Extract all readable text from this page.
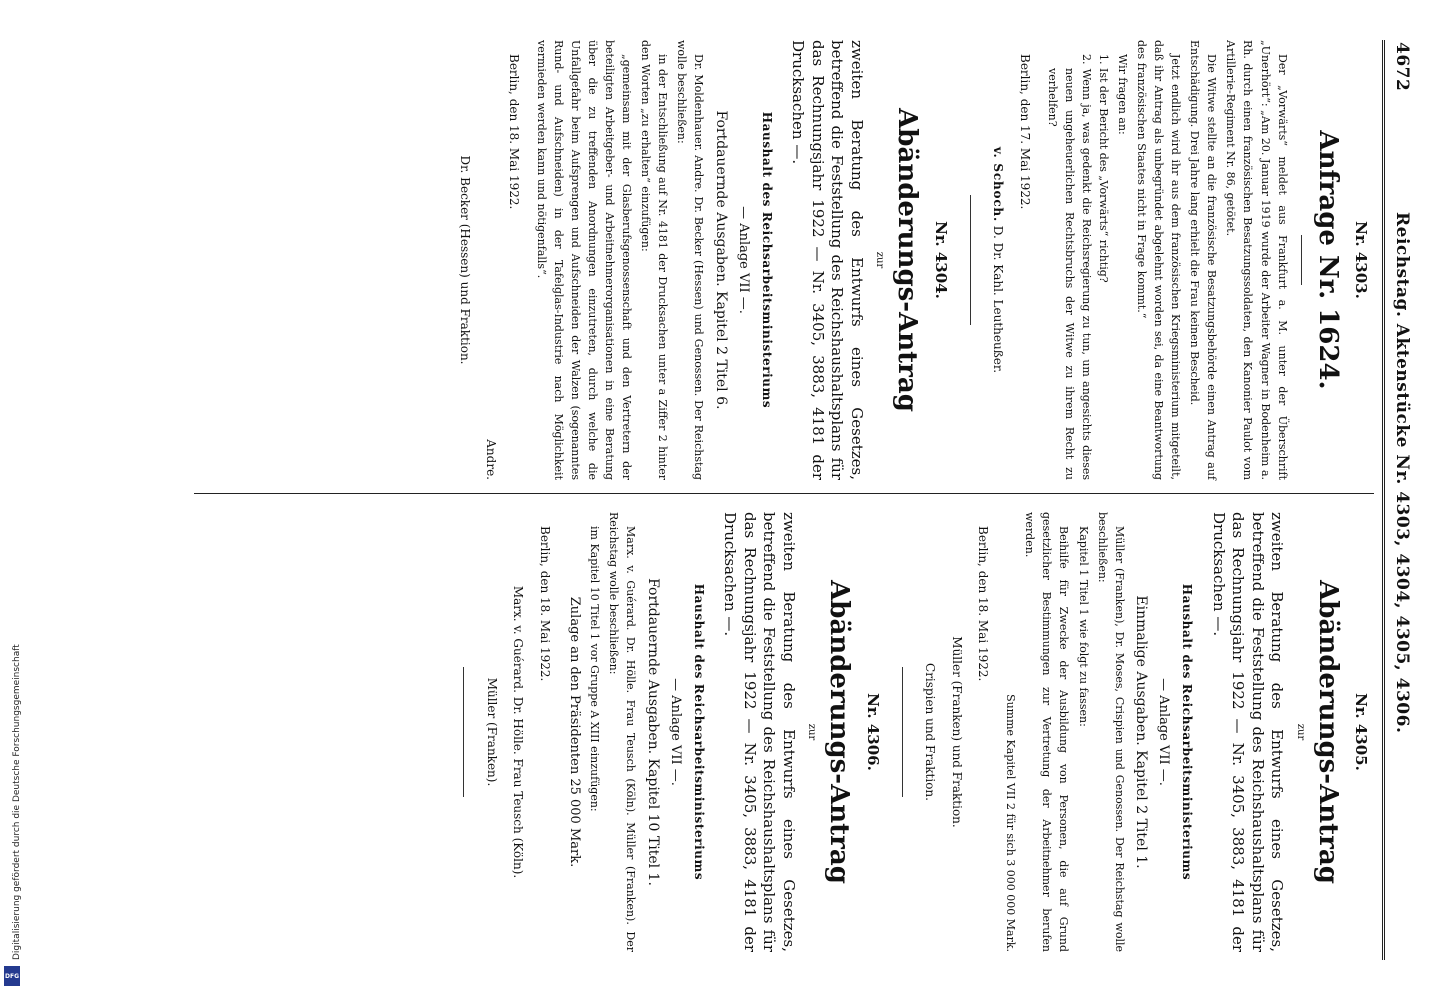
4672
Reichstag. Aktenstücke Nr. 4303, 4304, 4305, 4306.
Nr. 4303.
Anfrage Nr. 1624.

Der „Vorwärts“ meldet aus Frankfurt a. M. unter der Überschrift „Unerhört“: „Am 20. Januar 1919 wurde der Arbeiter Wagner in Bodenheim a. Rh. durch einen französischen Besatzungssoldaten, den Kanonier Paulot vom Artillerie-Regiment Nr. 86, getötet.

Die Witwe stellte an die französische Besatzungsbehörde einen Antrag auf Entschädigung. Drei Jahre lang erhielt die Frau keinen Bescheid.

Jetzt endlich wird ihr aus dem französischen Kriegsministerium mitgeteilt, daß ihr Antrag als unbegründet abgelehnt worden sei, da eine Beantwortung des französischen Staates nicht in Frage kommt.“

Wir fragen an:

1. Ist der Bericht des „Vorwärts“ richtig?

2. Wenn ja, was gedenkt die Reichsregierung zu tun, um angesichts dieses neuen ungeheuerlichen Rechtsbruchs der Witwe zu ihrem Recht zu verhelfen?

Berlin, den 17. Mai 1922.

v. Schoch. D. Dr. Kahl. Leutheußer.

Nr. 4304.
Abänderungs-Antrag
zur

zweiten Beratung des Entwurfs eines Gesetzes, betreffend die Feststellung des Reichshaushaltsplans für das Rechnungsjahr 1922 — Nr. 3405, 3883, 4181 der Drucksachen —.

Haushalt des Reichsarbeitsministeriums
— Anlage VII —.
Fortdauernde Ausgaben. Kapitel 2 Titel 6.

Dr. Moldenhauer. Andre. Dr. Becker (Hessen) und Genossen. Der Reichstag wolle beschließen:

in der Entschließung auf Nr. 4181 der Drucksachen unter a Ziffer 2 hinter den Worten „zu erhalten“ einzufügen:

„gemeinsam mit der Glasberufsgenossenschaft und den Vertretern der beteiligten Arbeitgeber- und Arbeitnehmerorganisationen in eine Beratung über die zu treffenden Anordnungen einzutreten, durch welche die Unfallgefahr beim Aufsprengen und Aufschneiden der Walzen (sogenanntes Rund- und Aufschneiden) in der Tafelglas-Industrie nach Möglichkeit vermieden werden kann und nötigenfalls“.

Berlin, den 18. Mai 1922.

Andre.

Dr. Becker (Hessen) und Fraktion.

Nr. 4305.
Abänderungs-Antrag
zur

zweiten Beratung des Entwurfs eines Gesetzes, betreffend die Feststellung des Reichshaushaltsplans für das Rechnungsjahr 1922 — Nr. 3405, 3883, 4181 der Drucksachen —.

Haushalt des Reichsarbeitsministeriums
— Anlage VII —.
Einmalige Ausgaben. Kapitel 2 Titel 1.

Müller (Franken), Dr. Moses, Crispien und Genossen. Der Reichstag wolle beschließen:

Kapitel 1 Titel 1 wie folgt zu fassen:

Beihilfe für Zwecke der Ausbildung von Personen, die auf Grund gesetzlicher Bestimmungen zur Vertretung der Arbeitnehmer berufen werden.

Summe Kapitel VII 2 für sich 3 000 000 Mark.

Berlin, den 18. Mai 1922.

Müller (Franken) und Fraktion.

Crispien und Fraktion.

Nr. 4306.
Abänderungs-Antrag
zur

zweiten Beratung des Entwurfs eines Gesetzes, betreffend die Feststellung des Reichshaushaltsplans für das Rechnungsjahr 1922 — Nr. 3405, 3883, 4181 der Drucksachen —.

Haushalt des Reichsarbeitsministeriums
— Anlage VII —.
Fortdauernde Ausgaben. Kapitel 10 Titel 1.

Marx. v. Guérard. Dr. Hölle. Frau Teusch (Köln). Müller (Franken). Der Reichstag wolle beschließen:

im Kapitel 10 Titel 1 vor Gruppe A XIII einzufügen:

Zulage an den Präsidenten 25 000 Mark.

Berlin, den 18. Mai 1922.

Marx. v. Guérard. Dr. Hölle. Frau Teusch (Köln).

Müller (Franken).

DFG
Digitalisierung gefördert durch die Deutsche Forschungsgemeinschaft
